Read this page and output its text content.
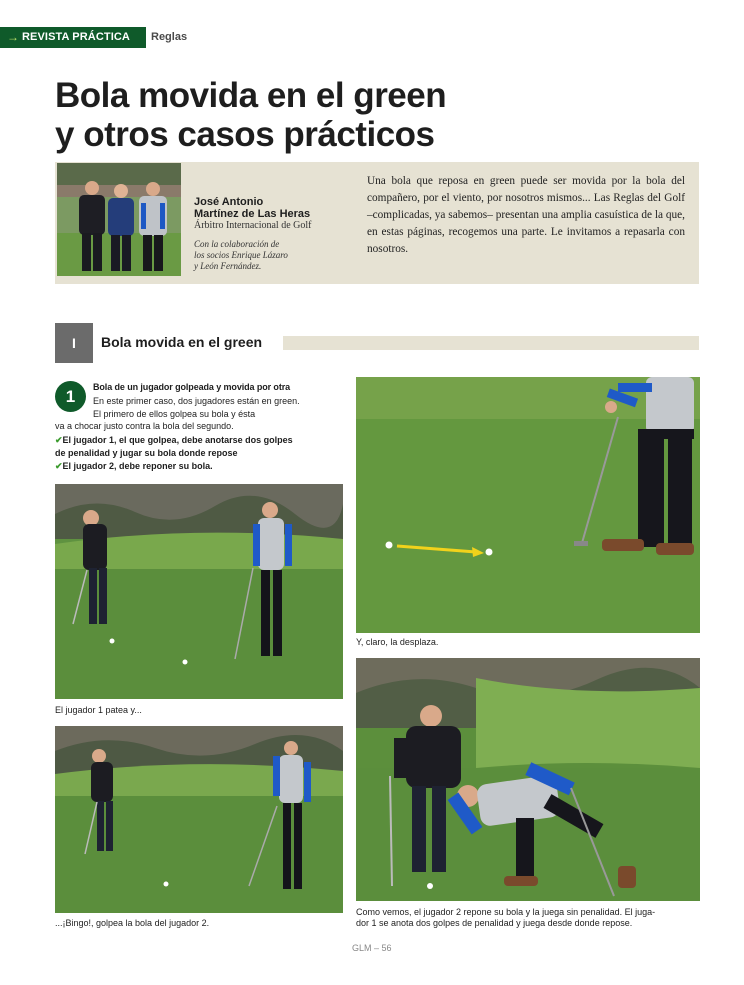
→ REVISTA PRÁCTICA	Reglas
Bola movida en el green
y otros casos prácticos
José Antonio
Martínez de Las Heras
Árbitro Internacional de Golf
Con la colaboración de
los socios Enrique Lázaro
y León Fernández.

Una bola que reposa en green puede ser movida por la bola del compañero, por el viento, por nosotros mismos... Las Reglas del Golf –complicadas, ya sabemos– presentan una amplia casuística de la que, en estas páginas, recogemos una parte. Le invitamos a repasarla con nosotros.

I	Bola movida en el green
1	Bola de un jugador golpeada y movida por otra
En este primer caso, dos jugadores están en green. El primero de ellos golpea su bola y ésta
va a chocar justo contra la bola del segundo.
✔El jugador 1, el que golpea, debe anotarse dos golpes
de penalidad y jugar su bola donde repose
✔El jugador 2, debe reponer su bola.
El jugador 1 patea y...
...¡Bingo!, golpea la bola del jugador 2.
Y, claro, la desplaza.
Como vemos, el jugador 2 repone su bola y la juega sin penalidad. El juga-
dor 1 se anota dos golpes de penalidad y juega desde donde repose.
GLM – 56
